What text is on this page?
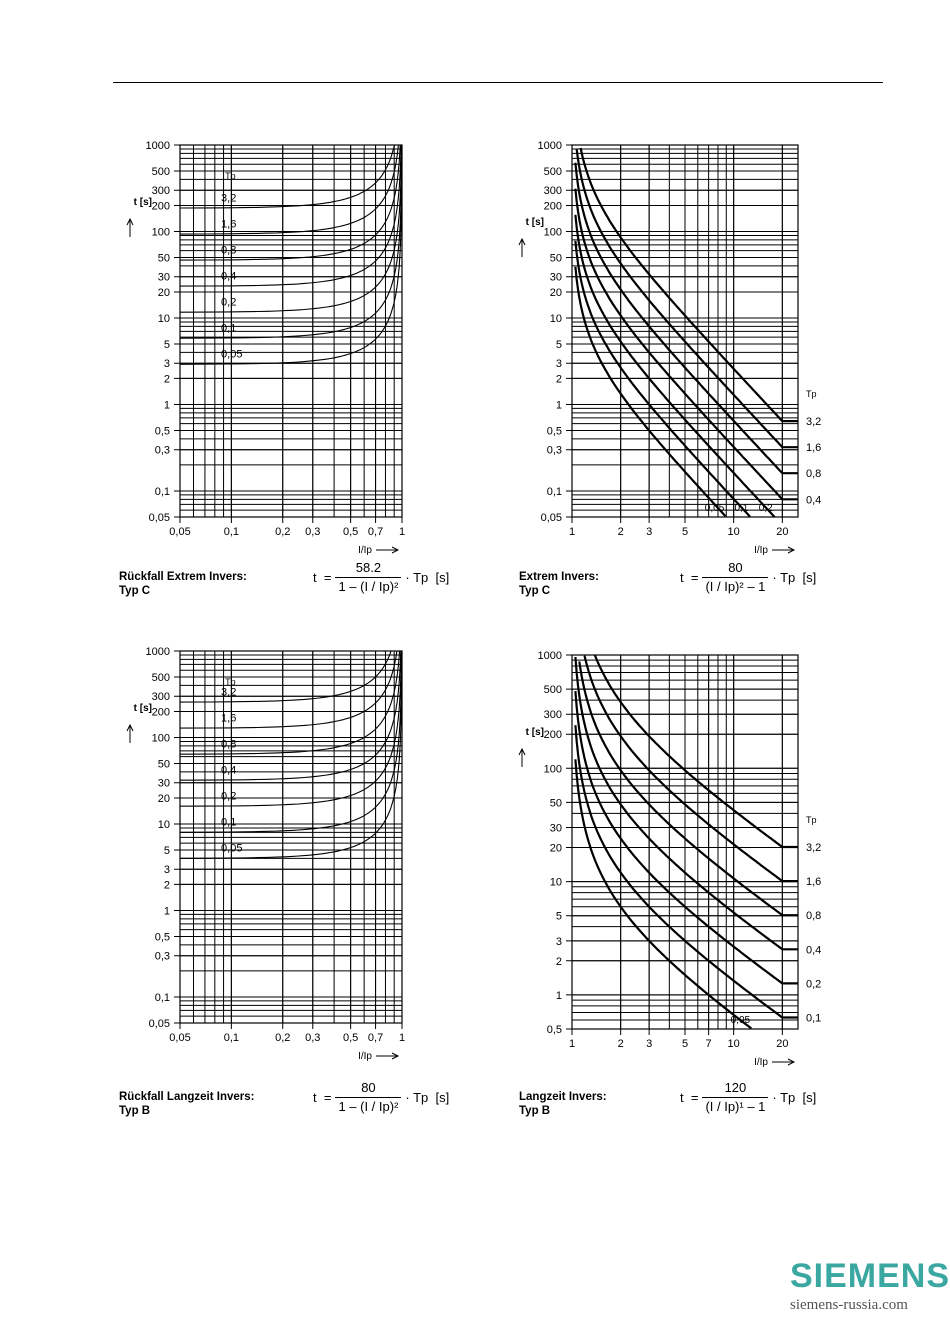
1000
500
300
200
100
50
30
20
10
5
3
2
1
0,5
0,3
0,1
0,05
0,05	0,1	0,2 0,3 0,5 0,7 1
t [s]
I/Ip
3,2
1,6
0,8
0,4
0,2
0,1
0,05
Tp
Rückfall Extrem Invers:
Typ C
$t = \frac{58.2}{\text{1 – (I / Ip)²}} \cdot Tp$  [s]
1000
500
300
200
100
50
30
20
10
5
3
2
1
0,5
0,3
0,1
0,05
1	2 3	5	10	20
t [s]
I/Ip
3,2
1,6
0,8
0,4
0,2
0,1
0,05
Tp
Extrem Invers:
Typ C
$t = \frac{80}{\text{(I / Ip)² – 1}} \cdot Tp$  [s]
1000
500
300
200
100
50
30
20
10
5
3
2
1
0,5
0,3
0,1
0,05
0,05	0,1	0,2 0,3 0,5 0,7 1
t [s]
I/Ip
3,2
1,6
0,8
0,4
0,2
0,1
0,05
Tp
Rückfall Langzeit Invers:
Typ B
$t = \frac{80}{\text{1 – (I / Ip)²}} \cdot Tp$  [s]
1000
500
300
200
100
50
30
20
10
5
3
2
1
0,5
1	2 3	5 7 10	20
t [s]
I/Ip
3,2
1,6
0,8
0,4
0,2
0,1
0,05
Tp
Langzeit Invers:
Typ B
$t = \frac{120}{\text{(I / Ip)¹ – 1}} \cdot Tp$  [s]
SIEMENS
siemens-russia.com
